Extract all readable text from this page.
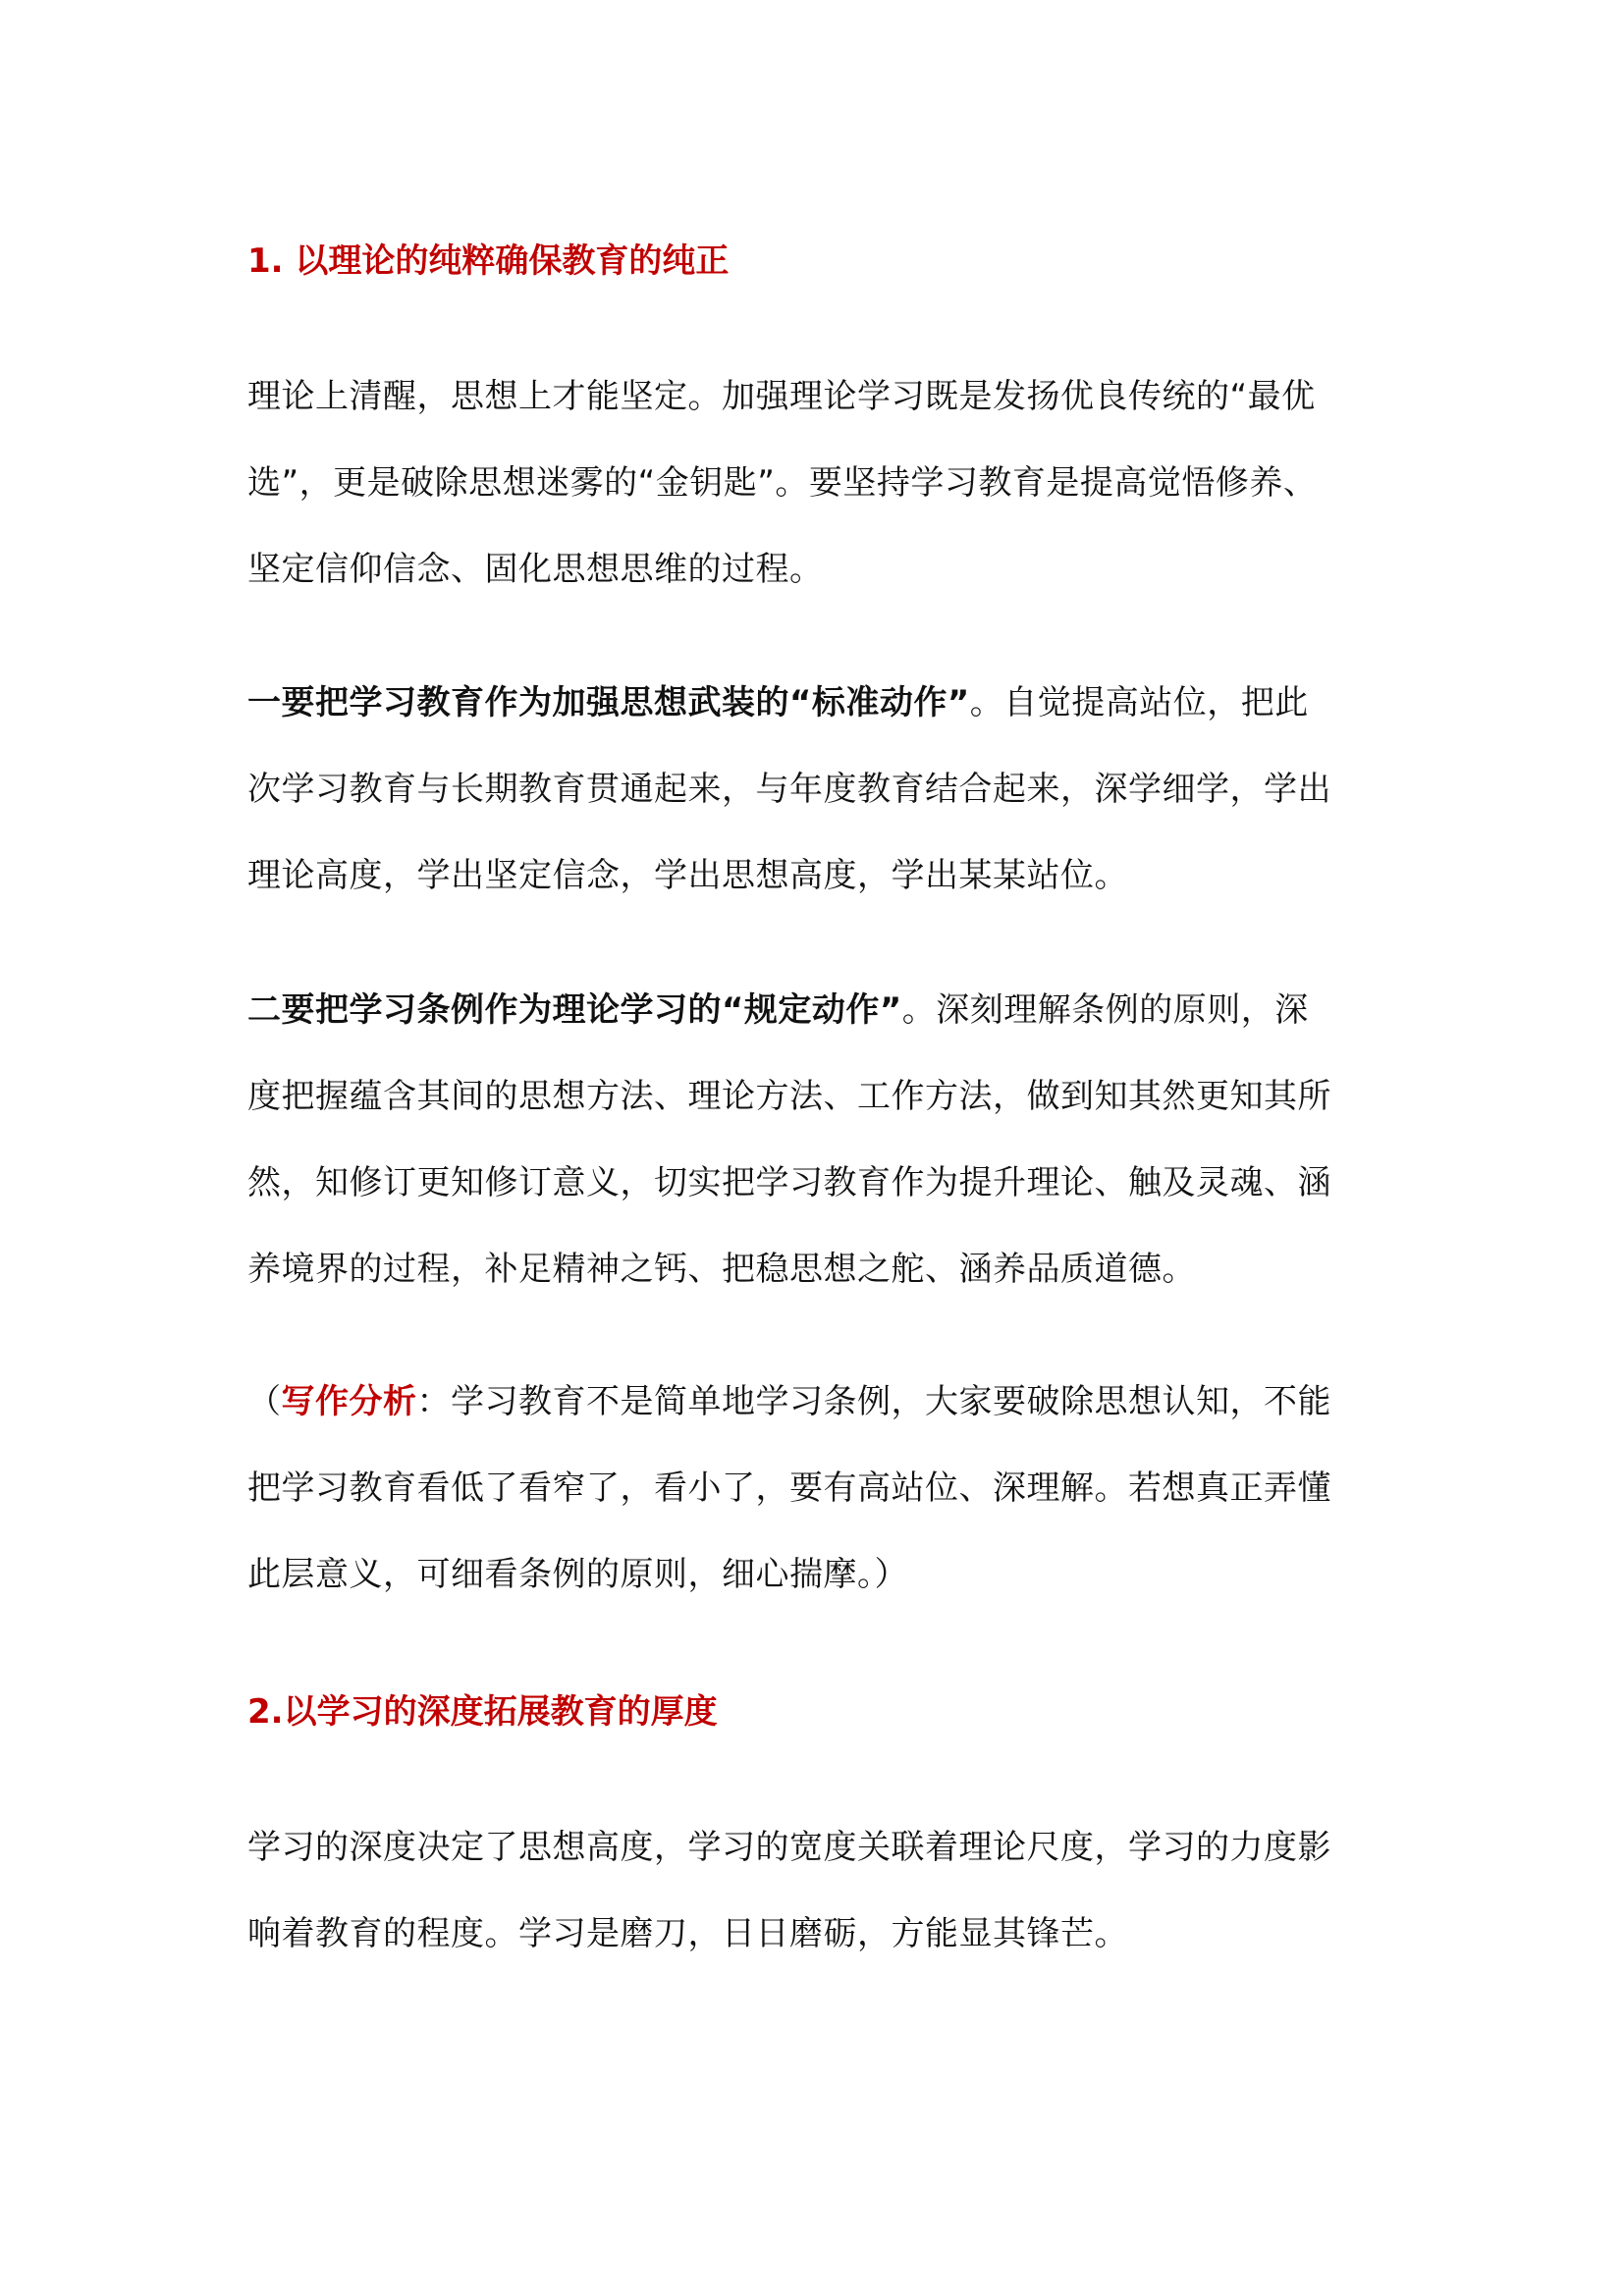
1. 以理论的纯粹确保教育的纯正
理论上清醒，思想上才能坚定。加强理论学习既是发扬优良传统的“最优
选”，更是破除思想迷雾的“金钥匙”。要坚持学习教育是提高觉悟修养、
坚定信仰信念、固化思想思维的过程。
一要把学习教育作为加强思想武装的“标准动作”。自觉提高站位，把此
次学习教育与长期教育贯通起来，与年度教育结合起来，深学细学，学出
理论高度，学出坚定信念，学出思想高度，学出某某站位。
二要把学习条例作为理论学习的“规定动作”。深刻理解条例的原则，深
度把握蕴含其间的思想方法、理论方法、工作方法，做到知其然更知其所
然，知修订更知修订意义，切实把学习教育作为提升理论、触及灵魂、涵
养境界的过程，补足精神之钙、把稳思想之舵、涵养品质道德。
（写作分析：学习教育不是简单地学习条例，大家要破除思想认知，不能
把学习教育看低了看窄了，看小了，要有高站位、深理解。若想真正弄懂
此层意义，可细看条例的原则，细心揣摩。）
2.以学习的深度拓展教育的厚度
学习的深度决定了思想高度，学习的宽度关联着理论尺度，学习的力度影
响着教育的程度。学习是磨刀，日日磨砺，方能显其锋芒。
